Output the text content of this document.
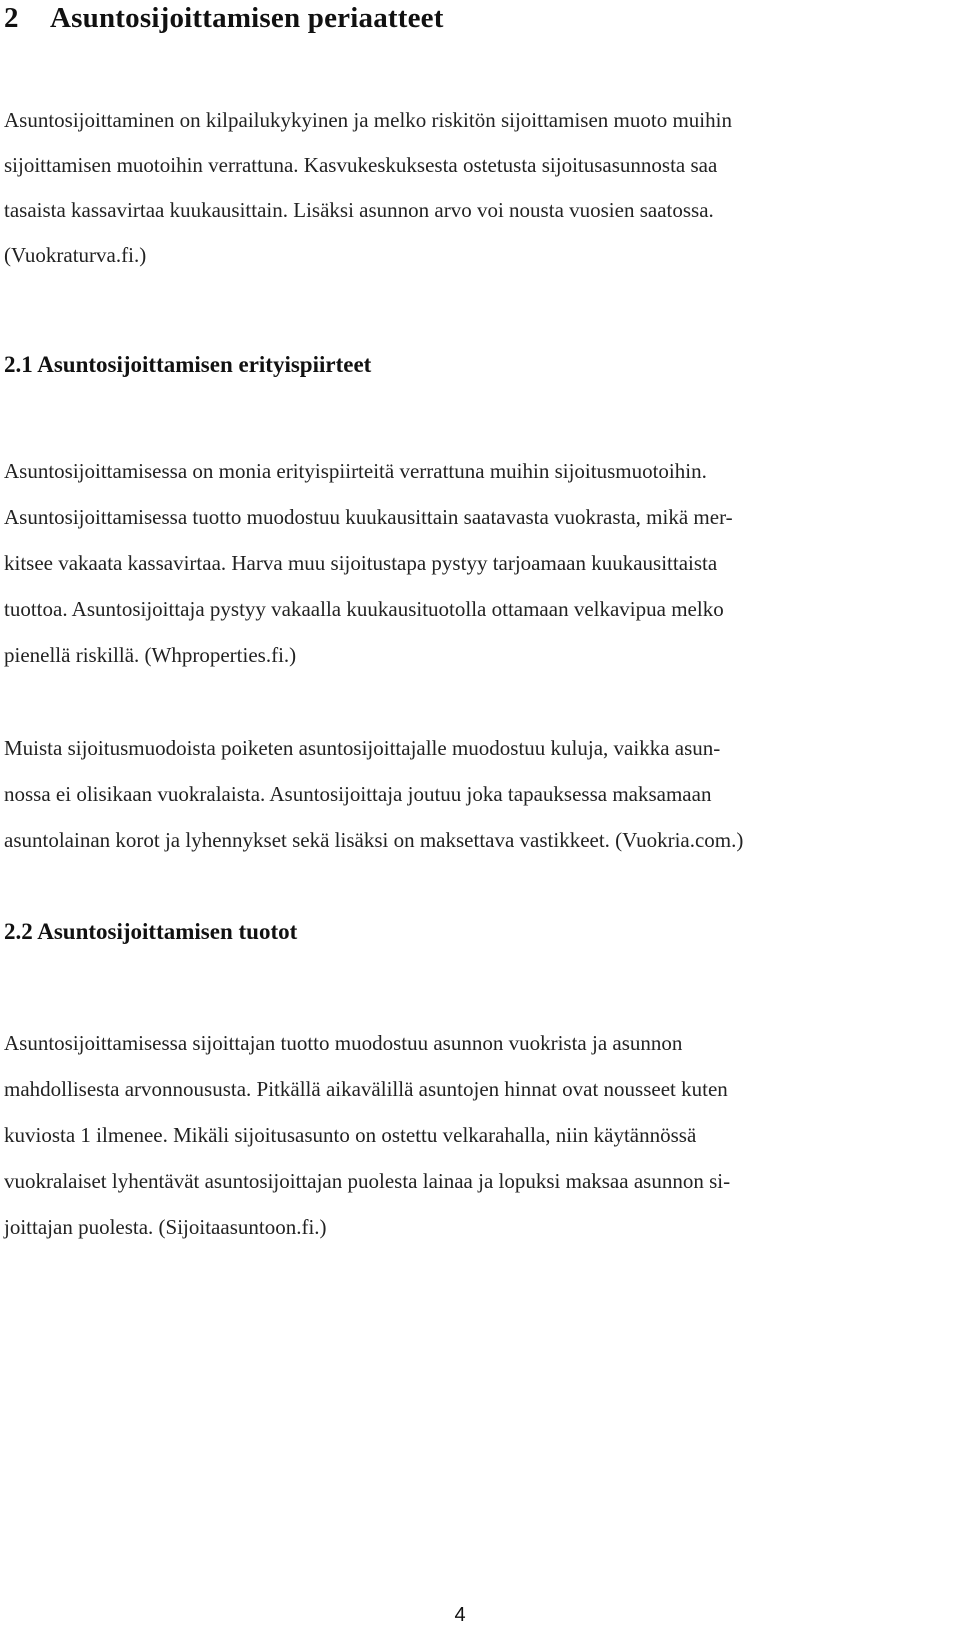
2 Asuntosijoittamisen periaatteet
Asuntosijoittaminen on kilpailukykyinen ja melko riskitön sijoittamisen muoto muihin
sijoittamisen muotoihin verrattuna. Kasvukeskuksesta ostetusta sijoitusasunnosta saa
tasaista kassavirtaa kuukausittain. Lisäksi asunnon arvo voi nousta vuosien saatossa.
(Vuokraturva.fi.)
2.1 Asuntosijoittamisen erityispiirteet
Asuntosijoittamisessa on monia erityispiirteitä verrattuna muihin sijoitusmuotoihin.
Asuntosijoittamisessa tuotto muodostuu kuukausittain saatavasta vuokrasta, mikä mer-
kitsee vakaata kassavirtaa. Harva muu sijoitustapa pystyy tarjoamaan kuukausittaista
tuottoa. Asuntosijoittaja pystyy vakaalla kuukausituotolla ottamaan velkavipua melko
pienellä riskillä. (Whproperties.fi.)
Muista sijoitusmuodoista poiketen asuntosijoittajalle muodostuu kuluja, vaikka asun-
nossa ei olisikaan vuokralaista. Asuntosijoittaja joutuu joka tapauksessa maksamaan
asuntolainan korot ja lyhennykset sekä lisäksi on maksettava vastikkeet. (Vuokria.com.)
2.2 Asuntosijoittamisen tuotot
Asuntosijoittamisessa sijoittajan tuotto muodostuu asunnon vuokrista ja asunnon
mahdollisesta arvonnousustа. Pitkällä aikavälillä asuntojen hinnat ovat nousseet kuten
kuviosta 1 ilmenee. Mikäli sijoitusasunto on ostettu velkarahalla, niin käytännössä
vuokralaiset lyhentävät asuntosijoittajan puolesta lainaa ja lopuksi maksaa asunnon si-
joittajan puolesta. (Sijoitaasuntoon.fi.)
4
